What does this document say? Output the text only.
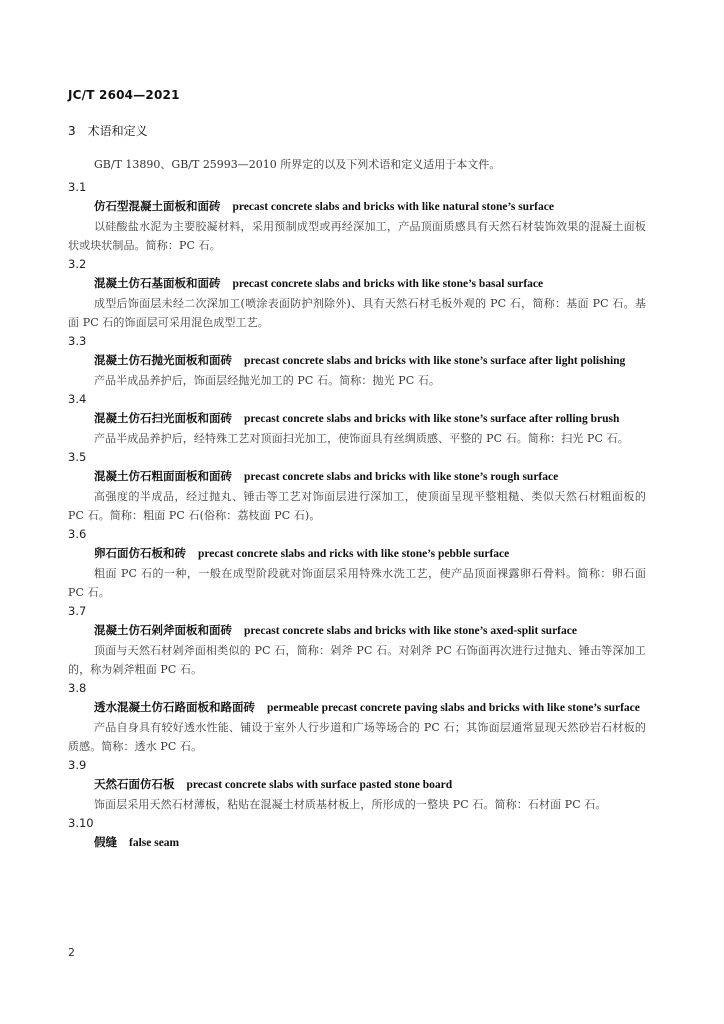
JC/T 2604—2021
3 术语和定义
GB/T 13890、GB/T 25993—2010 所界定的以及下列术语和定义适用于本文件。
3.1
仿石型混凝土面板和面砖 precast concrete slabs and bricks with like natural stone’s surface
以硅酸盐水泥为主要胶凝材料，采用预制成型或再经深加工，产品顶面质感具有天然石材装饰效果的混凝土面板状或块状制品。简称：PC 石。
3.2
混凝土仿石基面板和面砖 precast concrete slabs and bricks with like stone’s basal surface
成型后饰面层未经二次深加工(喷涂表面防护剂除外)、具有天然石材毛板外观的 PC 石，简称：基面 PC 石。基面 PC 石的饰面层可采用混色成型工艺。
3.3
混凝土仿石抛光面板和面砖 precast concrete slabs and bricks with like stone’s surface after light polishing
产品半成品养护后，饰面层经抛光加工的 PC 石。简称：抛光 PC 石。
3.4
混凝土仿石扫光面板和面砖 precast concrete slabs and bricks with like stone’s surface after rolling brush
产品半成品养护后，经特殊工艺对顶面扫光加工，使饰面具有丝绸质感、平整的 PC 石。简称：扫光 PC 石。
3.5
混凝土仿石粗面面板和面砖 precast concrete slabs and bricks with like stone’s rough surface
高强度的半成品，经过抛丸、锤击等工艺对饰面层进行深加工，使顶面呈现平整粗糙、类似天然石材粗面板的 PC 石。简称：粗面 PC 石(俗称：荔枝面 PC 石)。
3.6
卵石面仿石板和砖 precast concrete slabs and ricks with like stone’s pebble surface
粗面 PC 石的一种，一般在成型阶段就对饰面层采用特殊水洗工艺，使产品顶面裸露卵石骨料。简称：卵石面 PC 石。
3.7
混凝土仿石剁斧面板和面砖 precast concrete slabs and bricks with like stone’s axed-split surface
顶面与天然石材剁斧面相类似的 PC 石，简称：剁斧 PC 石。对剁斧 PC 石饰面再次进行过抛丸、锤击等深加工的，称为剁斧粗面 PC 石。
3.8
透水混凝土仿石路面板和路面砖 permeable precast concrete paving slabs and bricks with like stone’s surface
产品自身具有较好透水性能、铺设于室外人行步道和广场等场合的 PC 石；其饰面层通常显现天然砂岩石材板的质感。简称：透水 PC 石。
3.9
天然石面仿石板 precast concrete slabs with surface pasted stone board
饰面层采用天然石材薄板，粘贴在混凝土材质基材板上，所形成的一整块 PC 石。简称：石材面 PC 石。
3.10
假缝 false seam
2
